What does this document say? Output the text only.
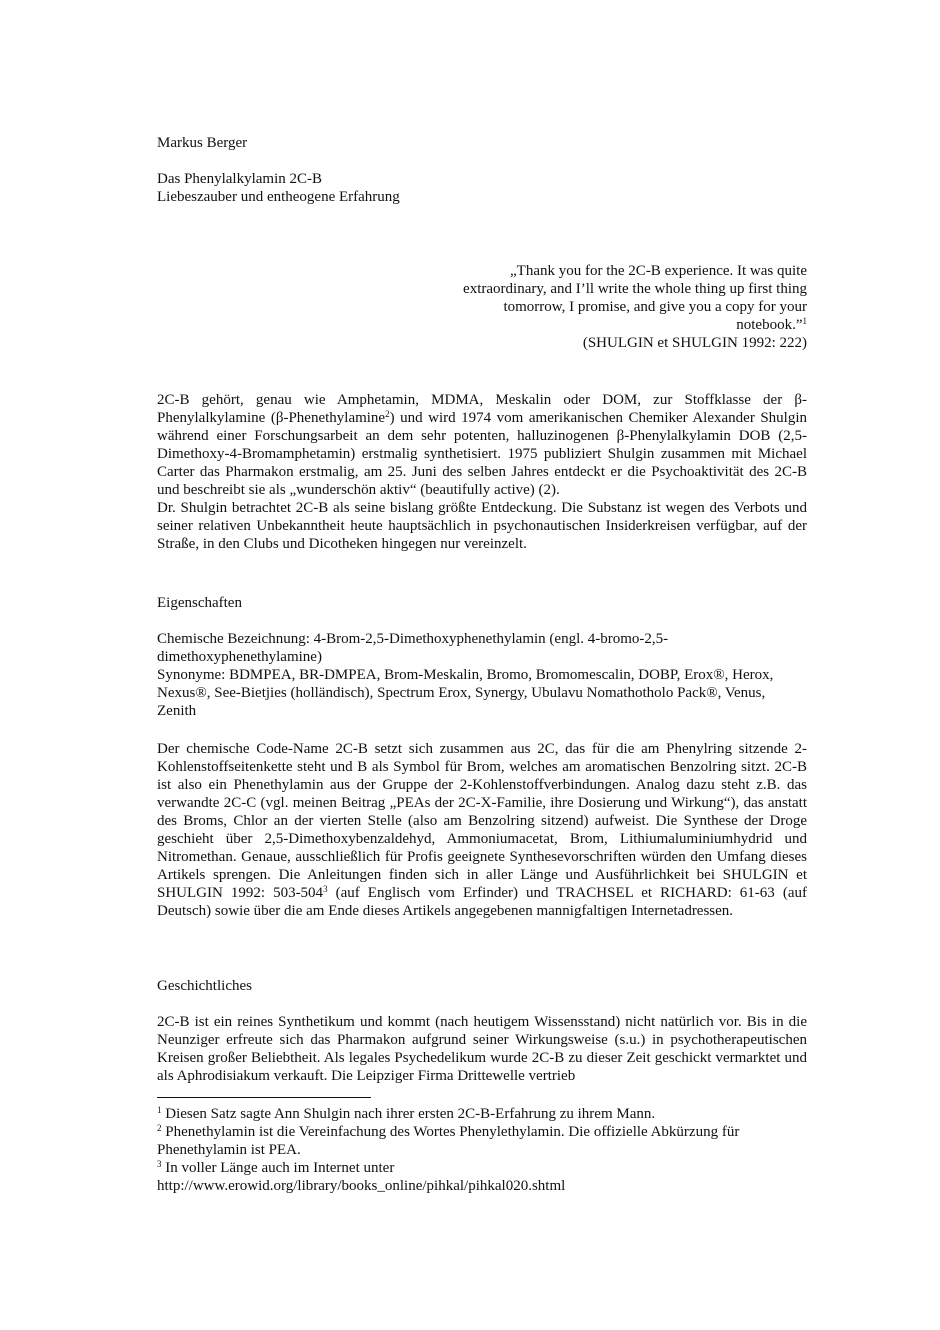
Markus Berger

Das Phenylalkylamin 2C-B

Liebeszauber und entheogene Erfahrung

„Thank you for the 2C-B experience. It was quite extraordinary, and I’ll write the whole thing up first thing tomorrow, I promise, and give you a copy for your notebook.”$^1$

(SHULGIN et SHULGIN 1992: 222)

2C-B gehört, genau wie Amphetamin, MDMA, Meskalin oder DOM, zur Stoffklasse der β-Phenylalkylamine (β-Phenethylamine$^2$) und wird 1974 vom amerikanischen Chemiker Alexander Shulgin während einer Forschungsarbeit an dem sehr potenten, halluzinogenen β-Phenylalkylamin DOB (2,5-Dimethoxy-4-Bromamphetamin) erstmalig synthetisiert. 1975 publiziert Shulgin zusammen mit Michael Carter das Pharmakon erstmalig, am 25. Juni des selben Jahres entdeckt er die Psychoaktivität des 2C-B und beschreibt sie als „wunderschön aktiv“ (beautifully active) (2).

Dr. Shulgin betrachtet 2C-B als seine bislang größte Entdeckung. Die Substanz ist wegen des Verbots und seiner relativen Unbekanntheit heute hauptsächlich in psychonautischen Insiderkreisen verfügbar, auf der Straße, in den Clubs und Dicotheken hingegen nur vereinzelt.

Eigenschaften

Chemische Bezeichnung: 4-Brom-2,5-Dimethoxyphenethylamin (engl. 4-bromo-2,5-dimethoxyphenethylamine)

Synonyme: BDMPEA, BR-DMPEA, Brom-Meskalin, Bromo, Bromomescalin, DOBP, Erox®, Herox, Nexus®, See-Bietjies (holländisch), Spectrum Erox, Synergy, Ubulavu Nomathotholo Pack®, Venus, Zenith

Der chemische Code-Name 2C-B setzt sich zusammen aus 2C, das für die am Phenylring sitzende 2-Kohlenstoffseitenkette steht und B als Symbol für Brom, welches am aromatischen Benzolring sitzt. 2C-B ist also ein Phenethylamin aus der Gruppe der 2-Kohlenstoffverbindungen. Analog dazu steht z.B. das verwandte 2C-C (vgl. meinen Beitrag „PEAs der 2C-X-Familie, ihre Dosierung und Wirkung“), das anstatt des Broms, Chlor an der vierten Stelle (also am Benzolring sitzend) aufweist. Die Synthese der Droge geschieht über 2,5-Dimethoxybenzaldehyd, Ammoniumacetat, Brom, Lithiumaluminiumhydrid und Nitromethan. Genaue, ausschließlich für Profis geeignete Synthesevorschriften würden den Umfang dieses Artikels sprengen. Die Anleitungen finden sich in aller Länge und Ausführlichkeit bei SHULGIN et SHULGIN 1992: $503-504^3$ (auf Englisch vom Erfinder) und TRACHSEL et RICHARD: 61-63 (auf Deutsch) sowie über die am Ende dieses Artikels angegebenen mannigfaltigen Internetadressen.

Geschichtliches

2C-B ist ein reines Synthetikum und kommt (nach heutigem Wissensstand) nicht natürlich vor. Bis in die Neunziger erfreute sich das Pharmakon aufgrund seiner Wirkungsweise (s.u.) in psychotherapeutischen Kreisen großer Beliebtheit. Als legales Psychedelikum wurde 2C-B zu dieser Zeit geschickt vermarktet und als Aphrodisiakum verkauft. Die Leipziger Firma Drittewelle vertrieb

$^1$ Diesen Satz sagte Ann Shulgin nach ihrer ersten 2C-B-Erfahrung zu ihrem Mann.

$^2$ Phenethylamin ist die Vereinfachung des Wortes Phenylethylamin. Die offizielle Abkürzung für Phenethylamin ist PEA.

$^3$ In voller Länge auch im Internet unter

http://www.erowid.org/library/books_online/pihkal/pihkal020.shtml
